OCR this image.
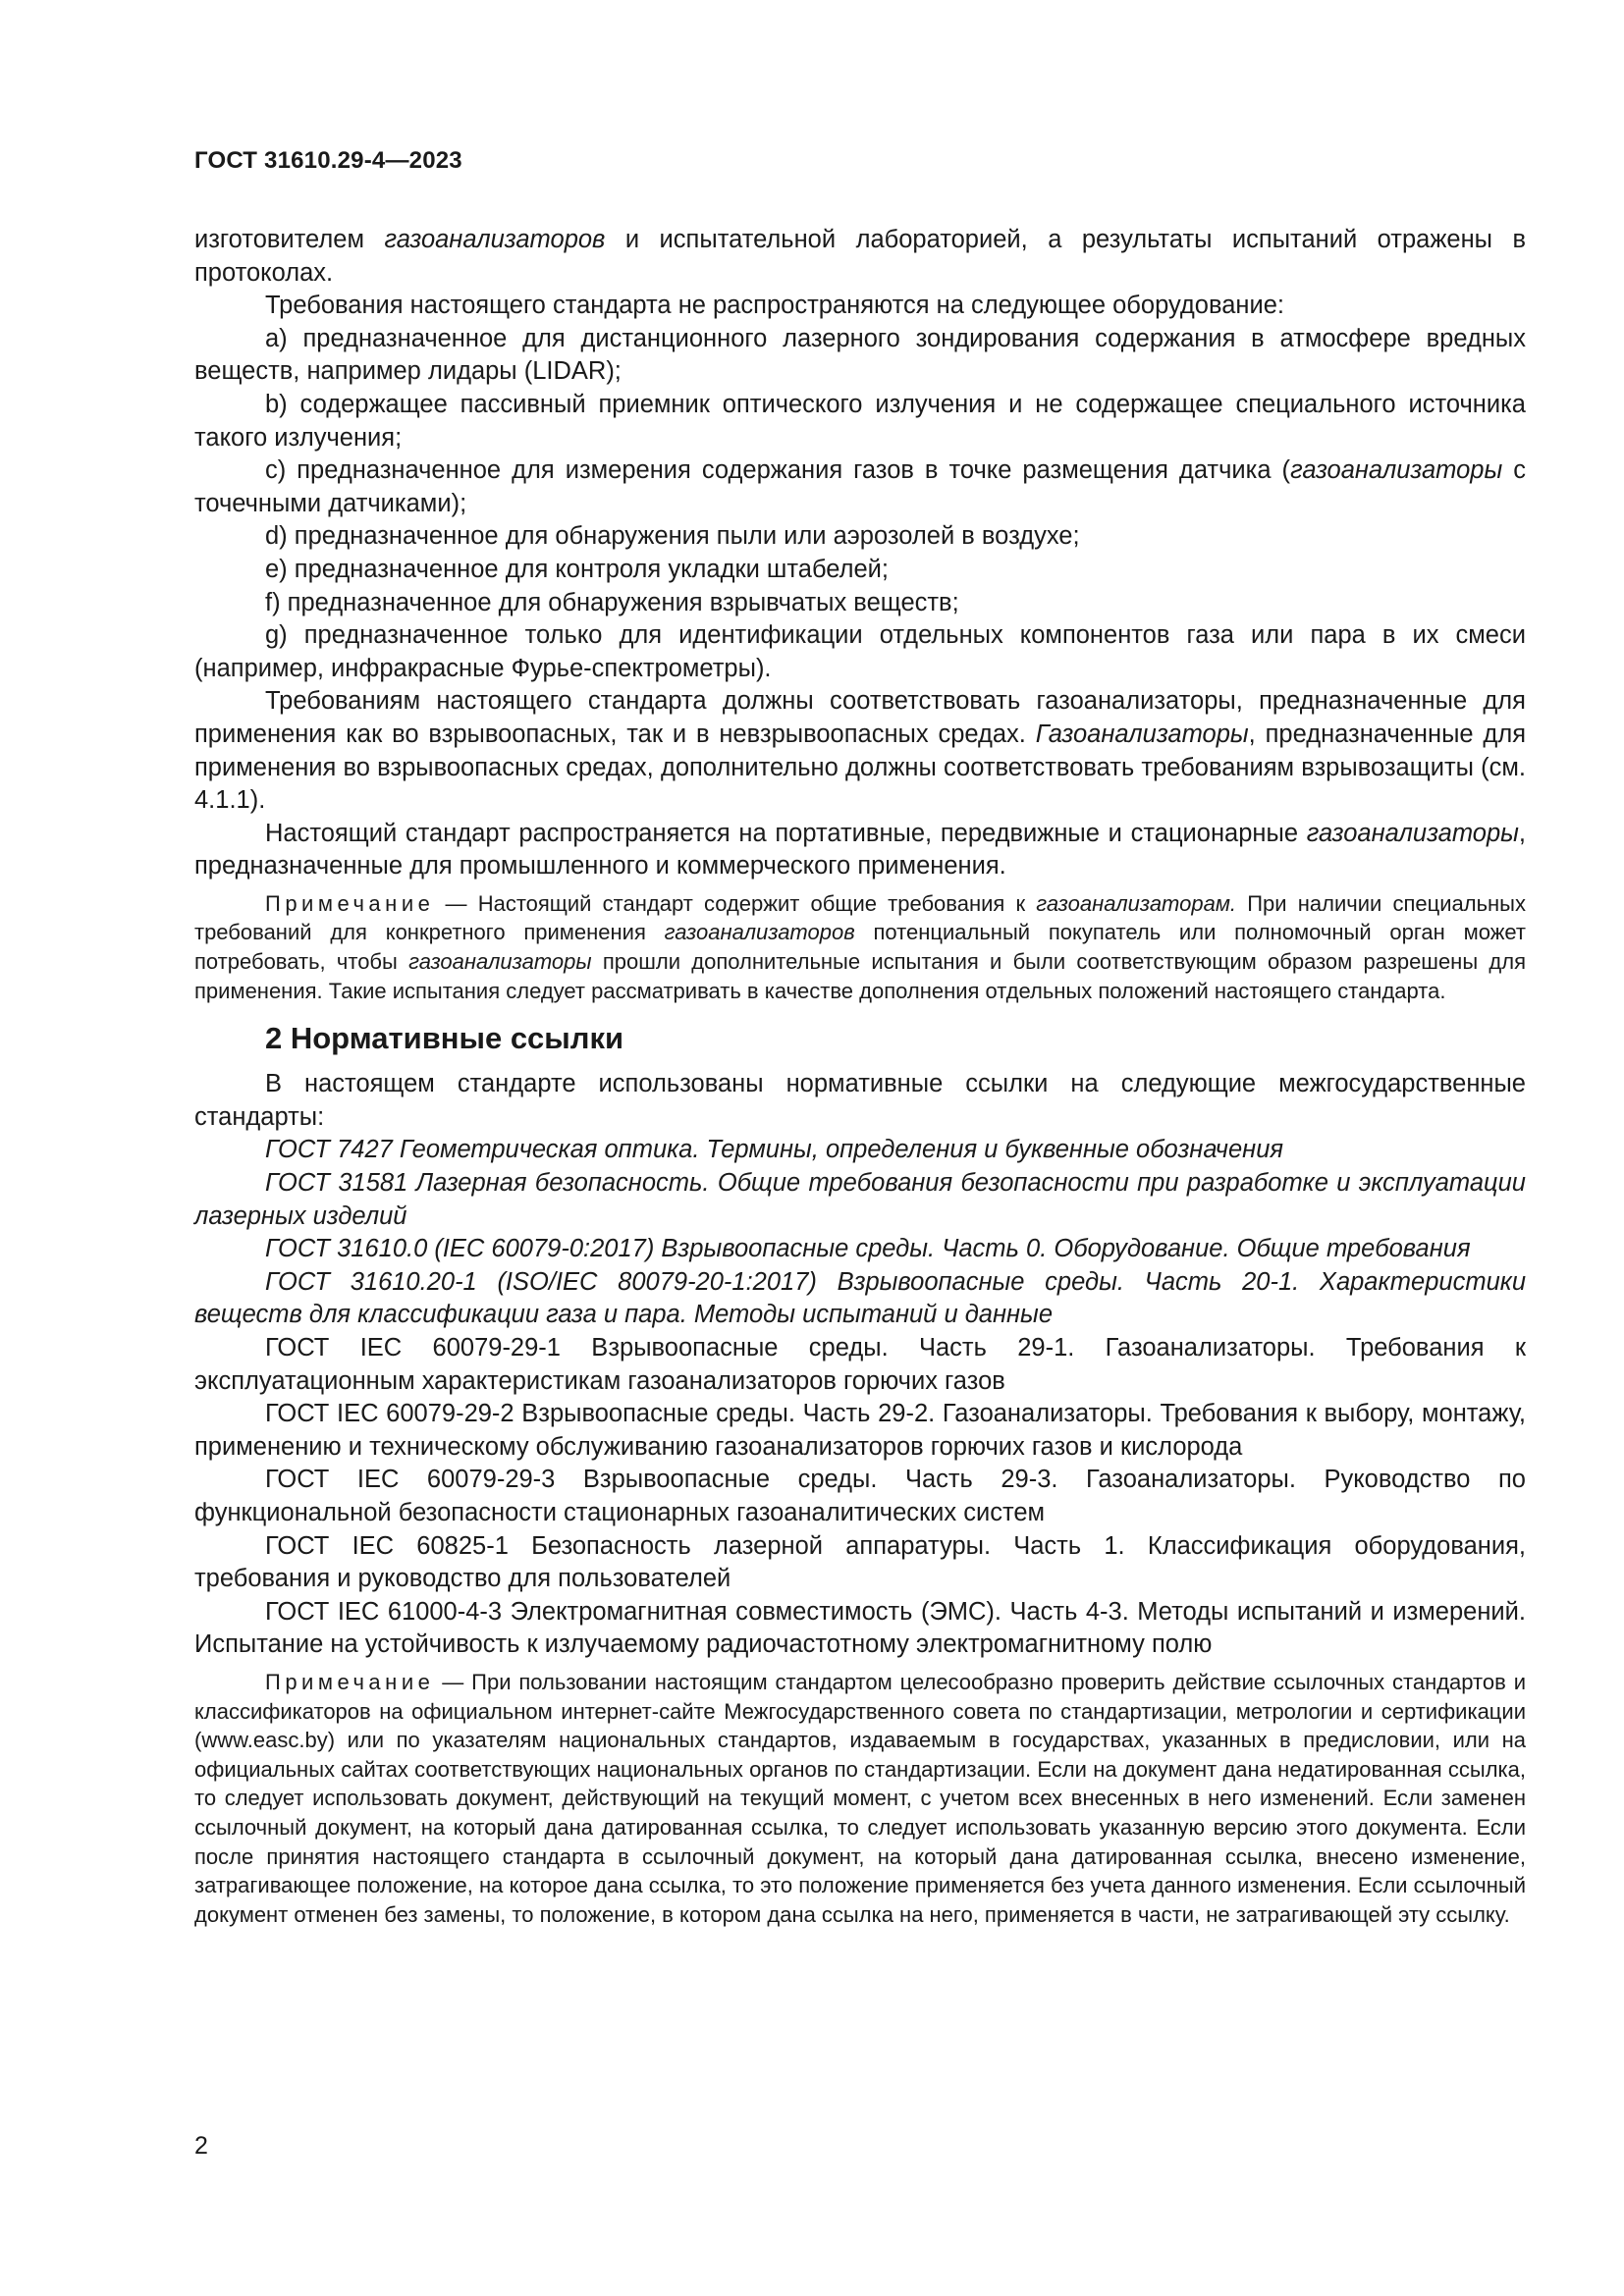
ГОСТ 31610.29-4—2023

изготовителем газоанализаторов и испытательной лабораторией, а результаты испытаний отражены в протоколах.

Требования настоящего стандарта не распространяются на следующее оборудование:

a) предназначенное для дистанционного лазерного зондирования содержания в атмосфере вредных веществ, например лидары (LIDAR);

b) содержащее пассивный приемник оптического излучения и не содержащее специального источника такого излучения;

c) предназначенное для измерения содержания газов в точке размещения датчика (газоанализаторы с точечными датчиками);

d) предназначенное для обнаружения пыли или аэрозолей в воздухе;

e) предназначенное для контроля укладки штабелей;

f) предназначенное для обнаружения взрывчатых веществ;

g) предназначенное только для идентификации отдельных компонентов газа или пара в их смеси (например, инфракрасные Фурье-спектрометры).

Требованиям настоящего стандарта должны соответствовать газоанализаторы, предназначенные для применения как во взрывоопасных, так и в невзрывоопасных средах. Газоанализаторы, предназначенные для применения во взрывоопасных средах, дополнительно должны соответствовать требованиям взрывозащиты (см. 4.1.1).

Настоящий стандарт распространяется на портативные, передвижные и стационарные газоанализаторы, предназначенные для промышленного и коммерческого применения.

Примечание — Настоящий стандарт содержит общие требования к газоанализаторам. При наличии специальных требований для конкретного применения газоанализаторов потенциальный покупатель или полномочный орган может потребовать, чтобы газоанализаторы прошли дополнительные испытания и были соответствующим образом разрешены для применения. Такие испытания следует рассматривать в качестве дополнения отдельных положений настоящего стандарта.

2 Нормативные ссылки

В настоящем стандарте использованы нормативные ссылки на следующие межгосударственные стандарты:

ГОСТ 7427 Геометрическая оптика. Термины, определения и буквенные обозначения

ГОСТ 31581 Лазерная безопасность. Общие требования безопасности при разработке и эксплуатации лазерных изделий

ГОСТ 31610.0 (IEC 60079-0:2017) Взрывоопасные среды. Часть 0. Оборудование. Общие требования

ГОСТ 31610.20-1 (ISO/IEC 80079-20-1:2017) Взрывоопасные среды. Часть 20-1. Характеристики веществ для классификации газа и пара. Методы испытаний и данные

ГОСТ IEC 60079-29-1 Взрывоопасные среды. Часть 29-1. Газоанализаторы. Требования к эксплуатационным характеристикам газоанализаторов горючих газов

ГОСТ IEC 60079-29-2 Взрывоопасные среды. Часть 29-2. Газоанализаторы. Требования к выбору, монтажу, применению и техническому обслуживанию газоанализаторов горючих газов и кислорода

ГОСТ IEC 60079-29-3 Взрывоопасные среды. Часть 29-3. Газоанализаторы. Руководство по функциональной безопасности стационарных газоаналитических систем

ГОСТ IEC 60825-1 Безопасность лазерной аппаратуры. Часть 1. Классификация оборудования, требования и руководство для пользователей

ГОСТ IEC 61000-4-3 Электромагнитная совместимость (ЭМС). Часть 4-3. Методы испытаний и измерений. Испытание на устойчивость к излучаемому радиочастотному электромагнитному полю

Примечание — При пользовании настоящим стандартом целесообразно проверить действие ссылочных стандартов и классификаторов на официальном интернет-сайте Межгосударственного совета по стандартизации, метрологии и сертификации (www.easc.by) или по указателям национальных стандартов, издаваемым в государствах, указанных в предисловии, или на официальных сайтах соответствующих национальных органов по стандартизации. Если на документ дана недатированная ссылка, то следует использовать документ, действующий на текущий момент, с учетом всех внесенных в него изменений. Если заменен ссылочный документ, на который дана датированная ссылка, то следует использовать указанную версию этого документа. Если после принятия настоящего стандарта в ссылочный документ, на который дана датированная ссылка, внесено изменение, затрагивающее положение, на которое дана ссылка, то это положение применяется без учета данного изменения. Если ссылочный документ отменен без замены, то положение, в котором дана ссылка на него, применяется в части, не затрагивающей эту ссылку.

2
